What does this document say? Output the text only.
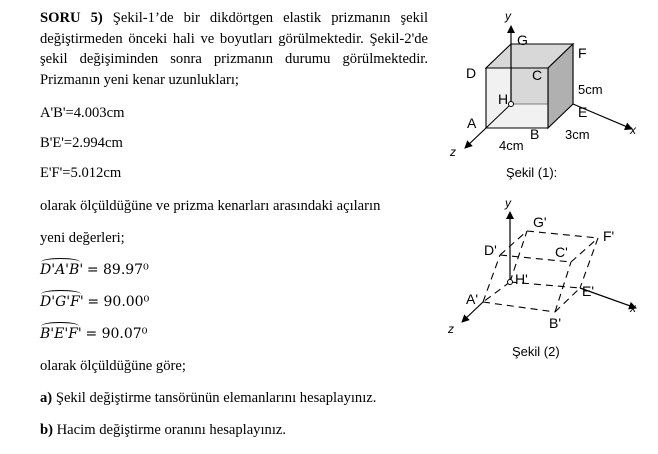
SORU 5) Şekil-1’de bir dikdörtgen elastik prizmanın şekil değiştirmeden önceki hali ve boyutları görülmektedir. Şekil-2'de şekil değişiminden sonra prizmanın durumu görülmektedir. Prizmanın yeni kenar uzunlukları;
A'B'=4.003cm
B'E'=2.994cm
E'F'=5.012cm
olarak ölçüldüğüne ve prizma kenarları arasındaki açıların
yeni değerleri;
D'A'B' = 89.97⁰
D'G'F' = 90.00⁰
B'E'F' = 90.07⁰
olarak ölçüldüğüne göre;
a) Şekil değiştirme tansörünün elemanlarını hesaplayınız.
b) Hacim değiştirme oranını hesaplayınız.
y
x
z
G
F
D	C
H
A
B
E
5cm
3cm
4cm
Şekil (1):
y
x
z
G'
F'
D'	C'
H'
A'
B'
E'
Şekil (2)
